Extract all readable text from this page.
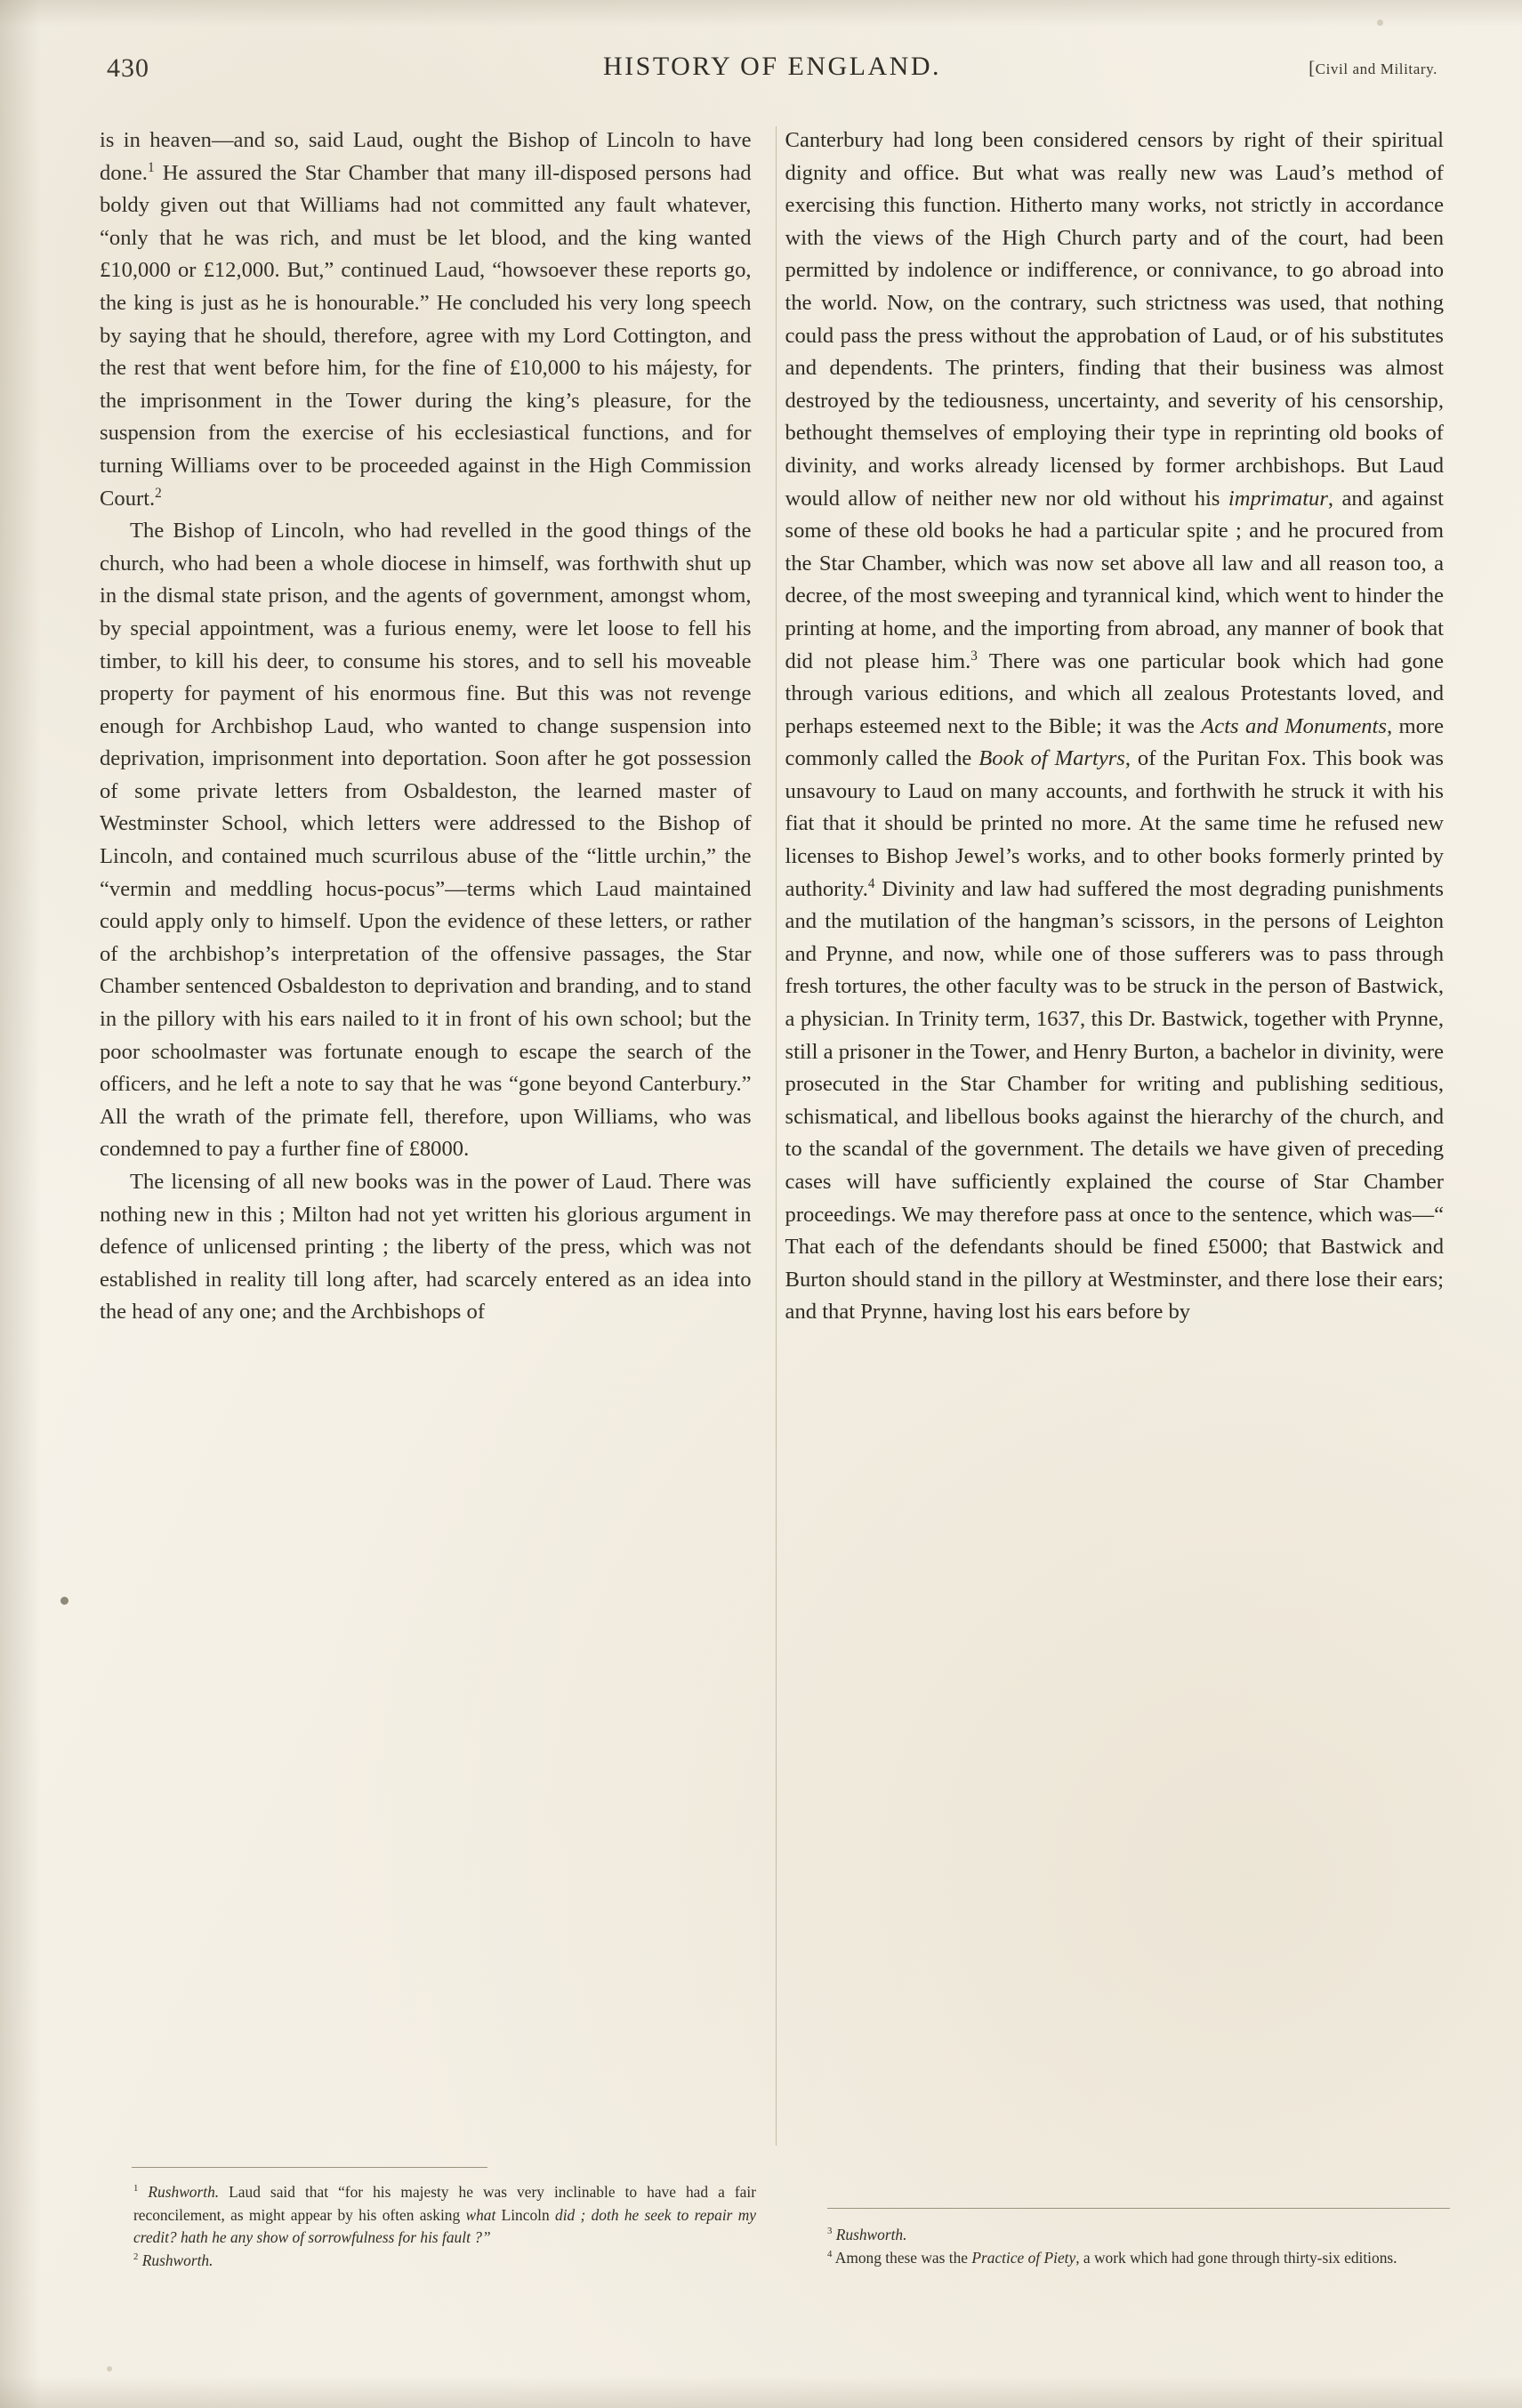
430	HISTORY OF ENGLAND.	[Civil and Military.

is in heaven—and so, said Laud, ought the Bishop of Lincoln to have done.$^1$ He assured the Star Chamber that many ill-disposed persons had boldy given out that Williams had not committed any fault whatever, “only that he was rich, and must be let blood, and the king wanted £10,000 or £12,000. But,” continued Laud, “howsoever these reports go, the king is just as he is honourable.” He concluded his very long speech by saying that he should, therefore, agree with my Lord Cottington, and the rest that went before him, for the fine of £10,000 to his májesty, for the imprisonment in the Tower during the king’s pleasure, for the suspension from the exercise of his ecclesiastical functions, and for turning Williams over to be proceeded against in the High Commission Court.$^2$

The Bishop of Lincoln, who had revelled in the good things of the church, who had been a whole diocese in himself, was forthwith shut up in the dismal state prison, and the agents of government, amongst whom, by special appointment, was a furious enemy, were let loose to fell his timber, to kill his deer, to consume his stores, and to sell his moveable property for payment of his enormous fine. But this was not revenge enough for Archbishop Laud, who wanted to change suspension into deprivation, imprisonment into deportation. Soon after he got possession of some private letters from Osbaldeston, the learned master of Westminster School, which letters were addressed to the Bishop of Lincoln, and contained much scurrilous abuse of the “little urchin,” the “vermin and meddling hocus-pocus”—terms which Laud maintained could apply only to himself. Upon the evidence of these letters, or rather of the archbishop’s interpretation of the offensive passages, the Star Chamber sentenced Osbaldeston to deprivation and branding, and to stand in the pillory with his ears nailed to it in front of his own school; but the poor schoolmaster was fortunate enough to escape the search of the officers, and he left a note to say that he was “gone beyond Canterbury.” All the wrath of the primate fell, therefore, upon Williams, who was condemned to pay a further fine of £8000.

The licensing of all new books was in the power of Laud. There was nothing new in this ; Milton had not yet written his glorious argument in defence of unlicensed printing ; the liberty of the press, which was not established in reality till long after, had scarcely entered as an idea into the head of any one; and the Archbishops of

Canterbury had long been considered censors by right of their spiritual dignity and office. But what was really new was Laud’s method of exercising this function. Hitherto many works, not strictly in accordance with the views of the High Church party and of the court, had been permitted by indolence or indifference, or connivance, to go abroad into the world. Now, on the contrary, such strictness was used, that nothing could pass the press without the approbation of Laud, or of his substitutes and dependents. The printers, finding that their business was almost destroyed by the tediousness, uncertainty, and severity of his censorship, bethought themselves of employing their type in reprinting old books of divinity, and works already licensed by former archbishops. But Laud would allow of neither new nor old without his imprimatur, and against some of these old books he had a particular spite ; and he procured from the Star Chamber, which was now set above all law and all reason too, a decree, of the most sweeping and tyrannical kind, which went to hinder the printing at home, and the importing from abroad, any manner of book that did not please him.$^3$ There was one particular book which had gone through various editions, and which all zealous Protestants loved, and perhaps esteemed next to the Bible; it was the Acts and Monuments, more commonly called the Book of Martyrs, of the Puritan Fox. This book was unsavoury to Laud on many accounts, and forthwith he struck it with his fiat that it should be printed no more. At the same time he refused new licenses to Bishop Jewel’s works, and to other books formerly printed by authority.$^4$ Divinity and law had suffered the most degrading punishments and the mutilation of the hangman’s scissors, in the persons of Leighton and Prynne, and now, while one of those sufferers was to pass through fresh tortures, the other faculty was to be struck in the person of Bastwick, a physician. In Trinity term, 1637, this Dr. Bastwick, together with Prynne, still a prisoner in the Tower, and Henry Burton, a bachelor in divinity, were prosecuted in the Star Chamber for writing and publishing seditious, schismatical, and libellous books against the hierarchy of the church, and to the scandal of the government. The details we have given of preceding cases will have sufficiently explained the course of Star Chamber proceedings. We may therefore pass at once to the sentence, which was—“ That each of the defendants should be fined £5000; that Bastwick and Burton should stand in the pillory at Westminster, and there lose their ears; and that Prynne, having lost his ears before by

$^1$ Rushworth. Laud said that “for his majesty he was very inclinable to have had a fair reconcilement, as might appear by his often asking what Lincoln did ; doth he seek to repair my credit? hath he any show of sorrowfulness for his fault ?”

$^2$ Rushworth.

$^3$ Rushworth.

$^4$ Among these was the Practice of Piety, a work which had gone through thirty-six editions.
